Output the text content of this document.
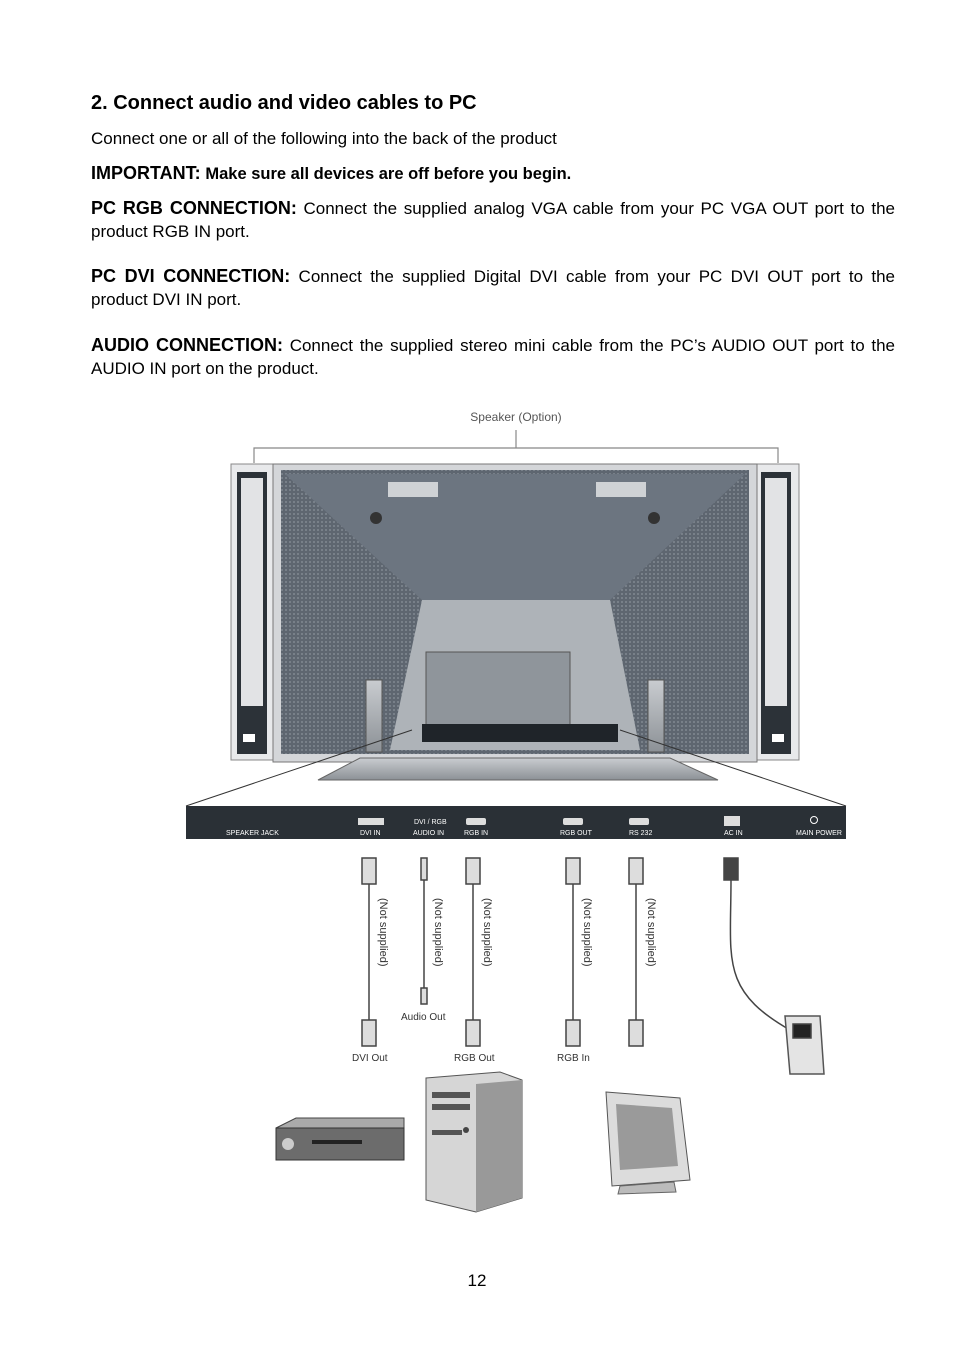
2. Connect audio and video cables to PC

Connect one or all of the following into the back of the product

IMPORTANT: Make sure all devices are off before you begin.

PC RGB CONNECTION: Connect the supplied analog VGA cable from your PC VGA OUT port to the product RGB IN port.

PC DVI CONNECTION: Connect the supplied Digital DVI cable from your PC DVI OUT port to the product DVI IN port.

AUDIO CONNECTION: Connect the supplied stereo mini cable from the PC’s AUDIO OUT port to the AUDIO IN port on the product.

Speaker (Option)
SPEAKER JACK	DVI IN
DVI / RGB
AUDIO IN	RGB IN	RGB OUT	RS 232	AC IN	MAIN POWER
(Not supplied)	(Not supplied)	(Not supplied)	(Not supplied)	(Not supplied)
Audio Out
DVI Out	RGB Out	RGB In
12
